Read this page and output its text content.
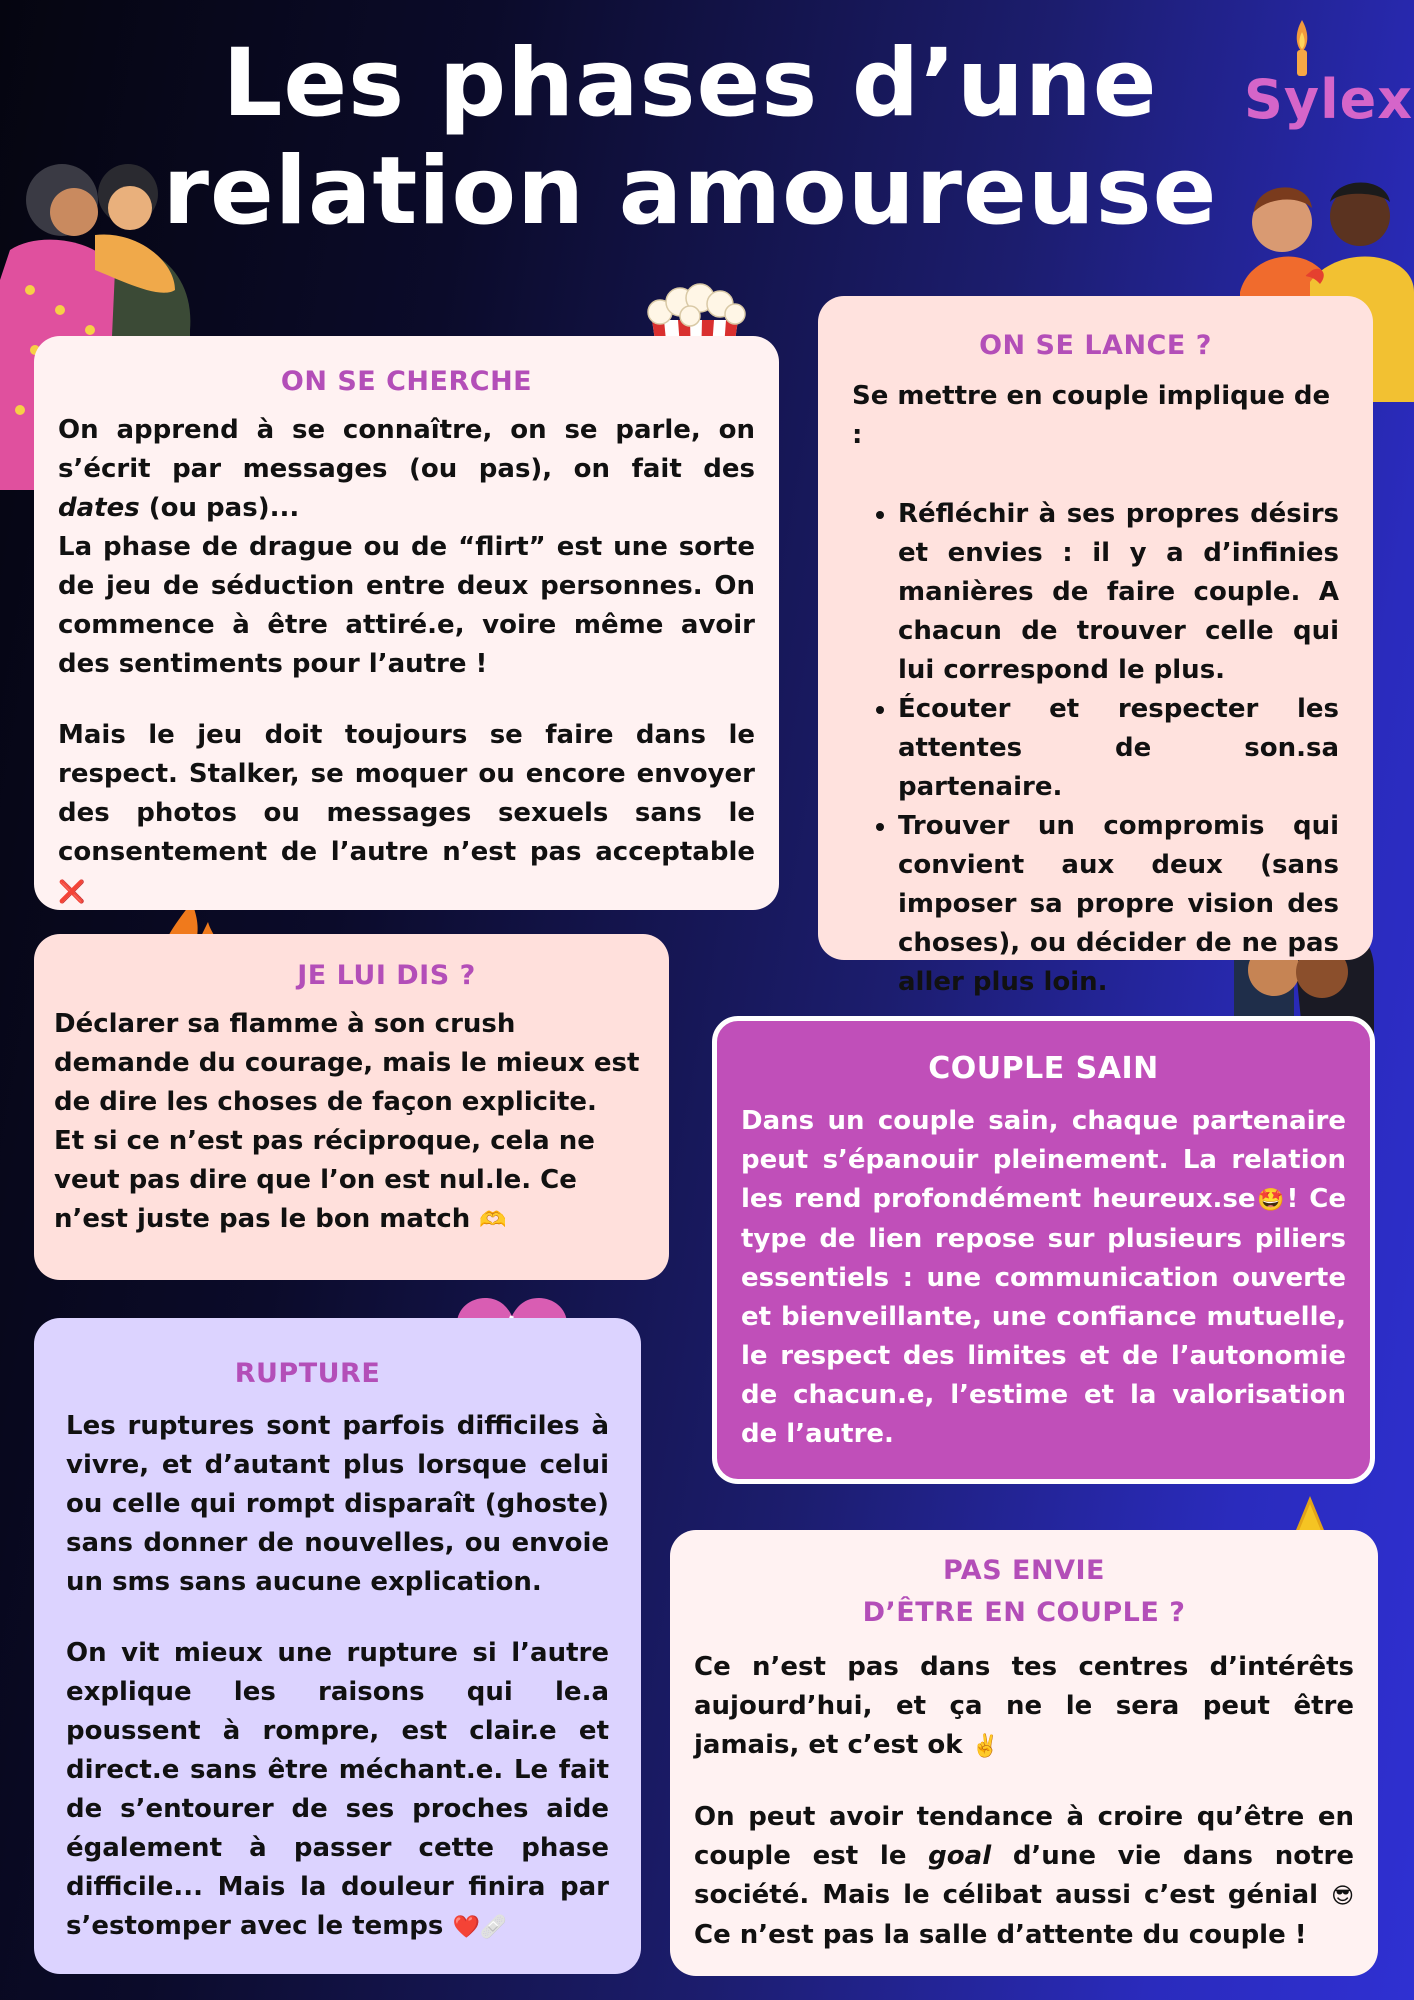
Les phases d’une
relation amoureuse
Sylex
ON SE CHERCHE
On apprend à se connaître, on se parle, on s’écrit par messages (ou pas), on fait des dates (ou pas)...
La phase de drague ou de “flirt” est une sorte de jeu de séduction entre deux personnes. On commence à être attiré.e, voire même avoir des sentiments pour l’autre !
Mais le jeu doit toujours se faire dans le respect. Stalker, se moquer ou encore envoyer des photos ou messages sexuels sans le consentement de l’autre n’est pas acceptable ❌
ON SE LANCE ?
Se mettre en couple implique de :
• Réfléchir à ses propres désirs et envies : il y a d’infinies manières de faire couple. A chacun de trouver celle qui lui correspond le plus.
• Écouter et respecter les attentes de son.sa partenaire.
• Trouver un compromis qui convient aux deux (sans imposer sa propre vision des choses), ou décider de ne pas aller plus loin.
JE LUI DIS ?
Déclarer sa flamme à son crush demande du courage, mais le mieux est de dire les choses de façon explicite.
Et si ce n’est pas réciproque, cela ne veut pas dire que l’on est nul.le. Ce n’est juste pas le bon match 🫶
COUPLE SAIN
Dans un couple sain, chaque partenaire peut s’épanouir pleinement. La relation les rend profondément heureux.se🤩! Ce type de lien repose sur plusieurs piliers essentiels : une communication ouverte et bienveillante, une confiance mutuelle, le respect des limites et de l’autonomie de chacun.e, l’estime et la valorisation de l’autre.
RUPTURE
Les ruptures sont parfois difficiles à vivre, et d’autant plus lorsque celui ou celle qui rompt disparaît (ghoste) sans donner de nouvelles, ou envoie un sms sans aucune explication.
On vit mieux une rupture si l’autre explique les raisons qui le.a poussent à rompre, est clair.e et direct.e sans être méchant.e. Le fait de s’entourer de ses proches aide également à passer cette phase difficile... Mais la douleur finira par s’estomper avec le temps ❤️🩹
PAS ENVIE
D’ÊTRE EN COUPLE ?
Ce n’est pas dans tes centres d’intérêts aujourd’hui, et ça ne le sera peut être jamais, et c’est ok ✌️
On peut avoir tendance à croire qu’être en couple est le goal d’une vie dans notre société. Mais le célibat aussi c’est génial 😎 Ce n’est pas la salle d’attente du couple !
